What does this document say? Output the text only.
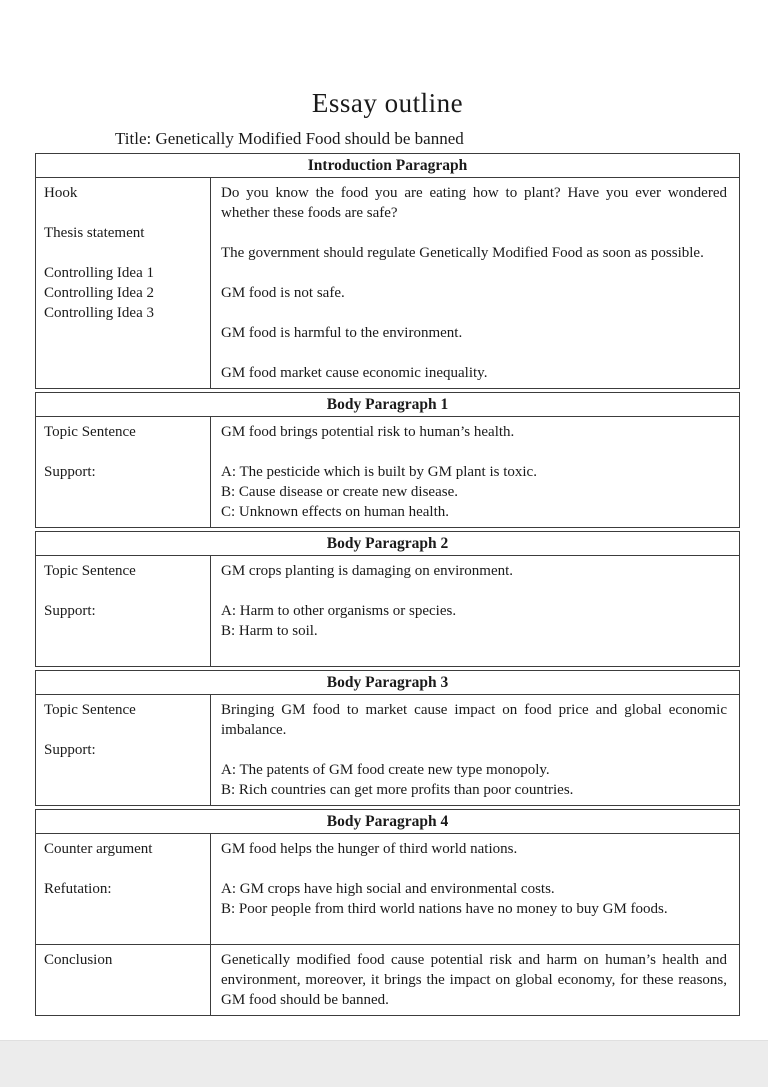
Essay outline
Title: Genetically Modified Food should be banned
Introduction Paragraph
Hook

Thesis statement

Controlling Idea 1
Controlling Idea 2
Controlling Idea 3
Do you know the food you are eating how to plant? Have you ever wondered whether these foods are safe?

The government should regulate Genetically Modified Food as soon as possible.

GM food is not safe.

GM food is harmful to the environment.

GM food market cause economic inequality.
Body Paragraph 1
Topic Sentence

Support:
GM food brings potential risk to human’s health.

A: The pesticide which is built by GM plant is toxic.
B: Cause disease or create new disease.
C: Unknown effects on human health.
Body Paragraph 2
Topic Sentence

Support:
GM crops planting is damaging on environment.

A: Harm to other organisms or species.
B: Harm to soil.

Body Paragraph 3
Topic Sentence

Support:
Bringing GM food to market cause impact on food price and global economic imbalance.

A: The patents of GM food create new type monopoly.
B: Rich countries can get more profits than poor countries.
Body Paragraph 4
Counter argument

Refutation:
GM food helps the hunger of third world nations.

A: GM crops have high social and environmental costs.
B: Poor people from third world nations have no money to buy GM foods.

Conclusion	Genetically modified food cause potential risk and harm on human’s health and environment, moreover, it brings the impact on global economy, for these reasons, GM food should be banned.
